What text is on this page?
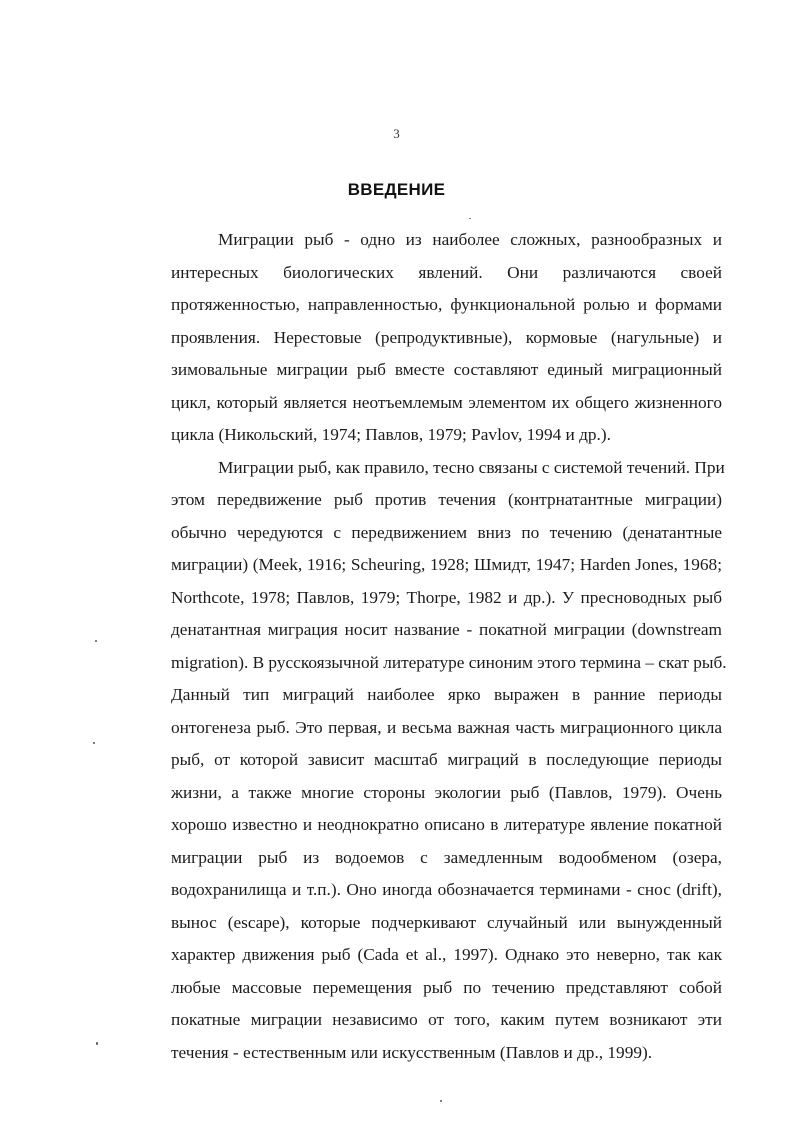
3
ВВЕДЕНИЕ
Миграции рыб - одно из наиболее сложных, разнообразных и
интересных биологических явлений. Они различаются своей
протяженностью, направленностью, функциональной ролью и формами
проявления. Нерестовые (репродуктивные), кормовые (нагульные) и
зимовальные миграции рыб вместе составляют единый миграционный
цикл, который является неотъемлемым элементом их общего жизненного
цикла (Никольский, 1974; Павлов, 1979; Pavlov, 1994 и др.).
Миграции рыб, как правило, тесно связаны с системой течений. При
этом передвижение рыб против течения (контрнатантные миграции)
обычно чередуются с передвижением вниз по течению (денатантные
миграции) (Meek, 1916; Scheuring, 1928; Шмидт, 1947; Harden Jones, 1968;
Northcote, 1978; Павлов, 1979; Thorpe, 1982 и др.). У пресноводных рыб
денатантная миграция носит название - покатной миграции (downstream
migration). В русскоязычной литературе синоним этого термина – скат рыб.
Данный тип миграций наиболее ярко выражен в ранние периоды
онтогенеза рыб. Это первая, и весьма важная часть миграционного цикла
рыб, от которой зависит масштаб миграций в последующие периоды
жизни, а также многие стороны экологии рыб (Павлов, 1979). Очень
хорошо известно и неоднократно описано в литературе явление покатной
миграции рыб из водоемов с замедленным водообменом (озера,
водохранилища и т.п.). Оно иногда обозначается терминами - снос (drift),
вынос (escape), которые подчеркивают случайный или вынужденный
характер движения рыб (Cada et al., 1997). Однако это неверно, так как
любые массовые перемещения рыб по течению представляют собой
покатные миграции независимо от того, каким путем возникают эти
течения - естественным или искусственным (Павлов и др., 1999).
